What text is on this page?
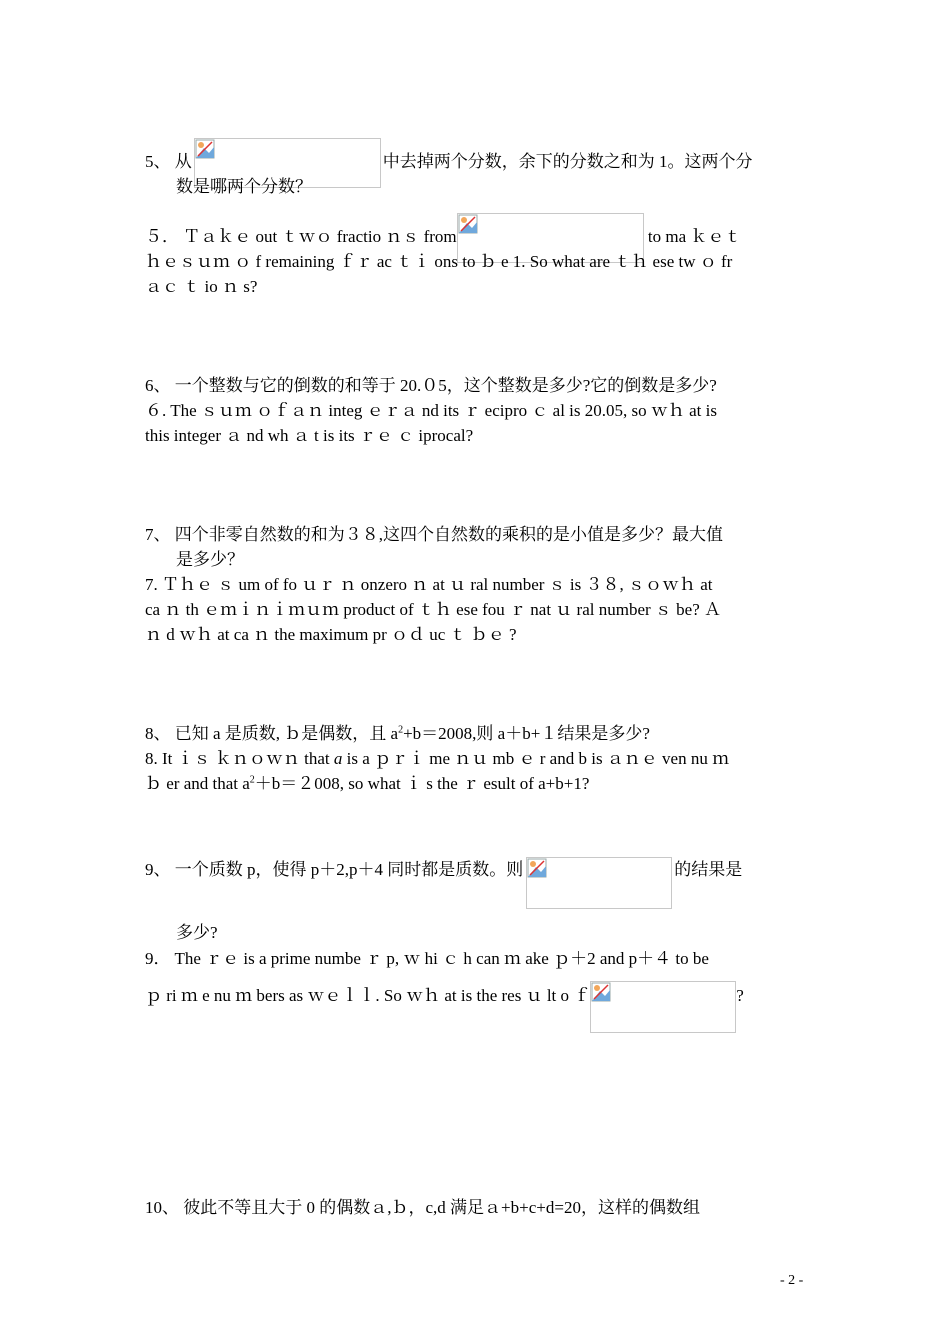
5、 从	中去掉两个分数，余下的分数之和为 1。这两个分
数是哪两个分数？
５． Ｔａｋｅ out ｔｗｏ fractio ｎｓ from	to ma ｋｅｔ
ｈｅｓｕｍ ｏ f remaining ｆｒ ac ｔｉ ons to ｂ e 1. So what are ｔｈ ese tw ｏ fr
ａｃ ｔ io ｎ s?
6、 一个整数与它的倒数的和等于 20.０5，这个整数是多少?它的倒数是多少?
６. The ｓｕｍ ｏｆａｎ integ ｅｒａ nd its ｒ ecipro ｃ al is 20.05, so ｗｈ at is
this integer ａ nd wh ａ t is its ｒｅ ｃ iprocal?
7、 四个非零自然数的和为３８,这四个自然数的乘积的是小值是多少？最大值
是多少？
7. Ｔｈｅ ｓ um of fo ｕｒ ｎ onzero ｎ at ｕ ral number ｓ is ３８, ｓｏｗｈ at
ca ｎ th ｅｍｉｎｉｍｕｍ product of ｔｈ ese fou ｒ nat ｕ ral number ｓ be? Ａ
ｎ d ｗｈ at ca ｎ the maximum pr ｏｄ uc ｔ ｂｅ ?
8、 已知 a 是质数, ｂ是偶数，且 $a^2+b=2008$,则 a＋b+１结果是多少?
8. It ｉｓ ｋｎｏｗｎ that a is a ｐｒｉ me ｎｕ mb ｅ r and b is ａｎｅ ven nu ｍ
ｂ er and that $a^2+b=2008$, so what ｉ s the ｒ esult of a+b+1?
9、 一个质数 p，使得 p＋2,p＋4 同时都是质数。则	的结果是
多少?
9． The ｒｅ is a prime numbe ｒ p, ｗ hi ｃ h can ｍ ake ｐ＋2 and p＋４ to be
ｐ ri ｍ e nu ｍ bers as ｗｅｌｌ. So ｗｈ at is the res ｕ lt o ｆ	?
10、 彼此不等且大于 0 的偶数ａ,ｂ，c,d 满足ａ+b+c+d=20，这样的偶数组
- 2 -
